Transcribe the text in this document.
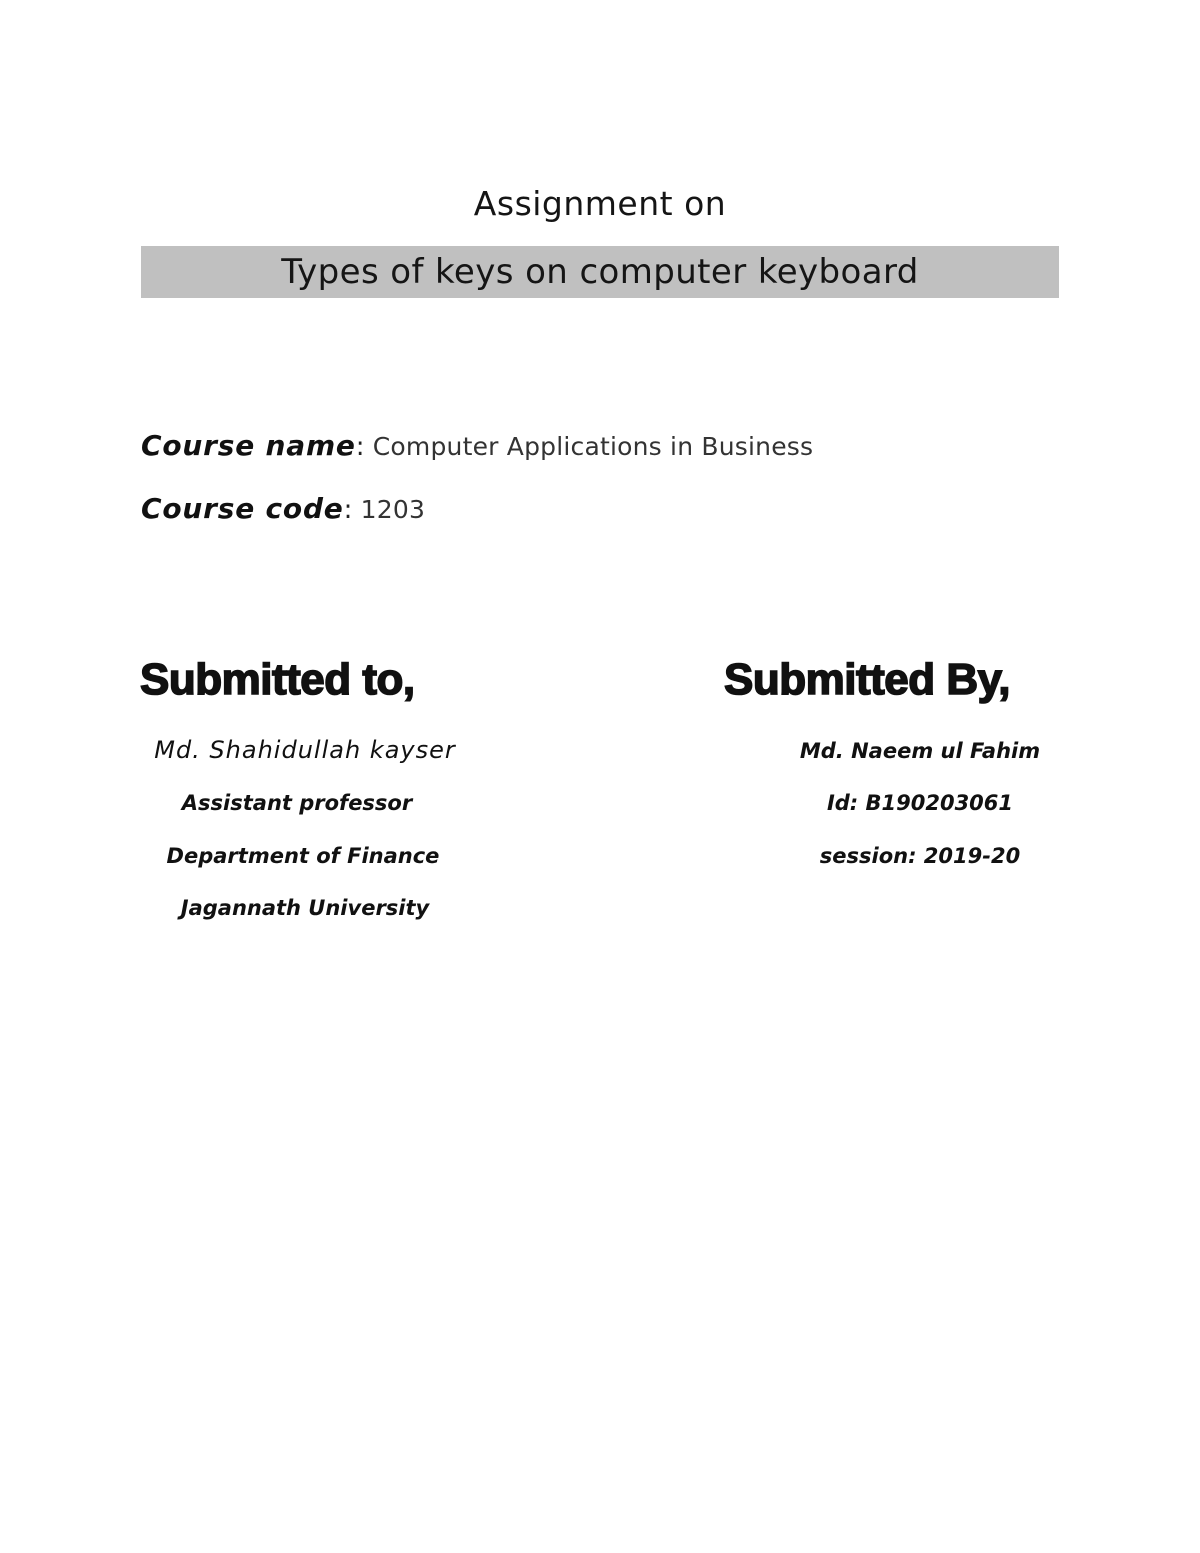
Assignment on
Types of keys on computer keyboard
Course name: Computer Applications in Business
Course code: 1203
Submitted to,	Submitted By,
Md. Shahidullah kayser
Assistant professor
Department of Finance
Jagannath University
Md. Naeem ul Fahim
Id: B190203061
session: 2019-20
